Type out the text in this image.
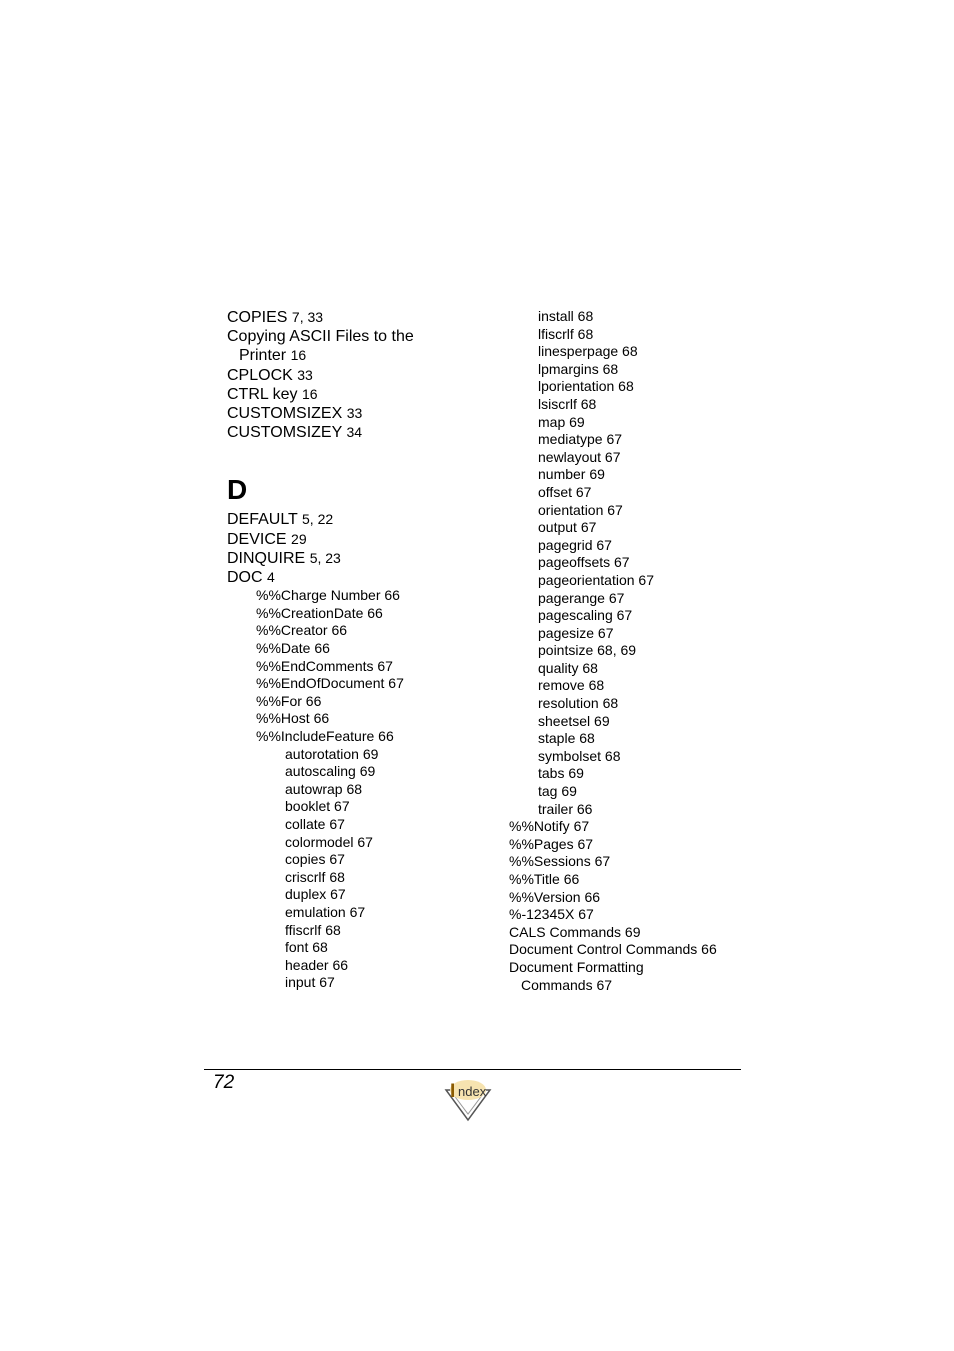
COPIES 7, 33
Copying ASCII Files to the
Printer 16
CPLOCK 33
CTRL key 16
CUSTOMSIZEX 33
CUSTOMSIZEY 34
D
DEFAULT 5, 22
DEVICE 29
DINQUIRE 5, 23
DOC 4
%%Charge Number 66
%%CreationDate 66
%%Creator 66
%%Date 66
%%EndComments 67
%%EndOfDocument 67
%%For 66
%%Host 66
%%IncludeFeature 66
autorotation 69
autoscaling 69
autowrap 68
booklet 67
collate 67
colormodel 67
copies 67
criscrlf 68
duplex 67
emulation 67
ffiscrlf 68
font 68
header 66
input 67
install 68
lfiscrlf 68
linesperpage 68
lpmargins 68
lporientation 68
lsiscrlf 68
map 69
mediatype 67
newlayout 67
number 69
offset 67
orientation 67
output 67
pagegrid 67
pageoffsets 67
pageorientation 67
pagerange 67
pagescaling 67
pagesize 67
pointsize 68, 69
quality 68
remove 68
resolution 68
sheetsel 69
staple 68
symbolset 68
tabs 69
tag 69
trailer 66
%%Notify 67
%%Pages 67
%%Sessions 67
%%Title 66
%%Version 66
%-12345X 67
CALS Commands 69
Document Control Commands 66
Document Formatting
Commands 67
72	I ndex
